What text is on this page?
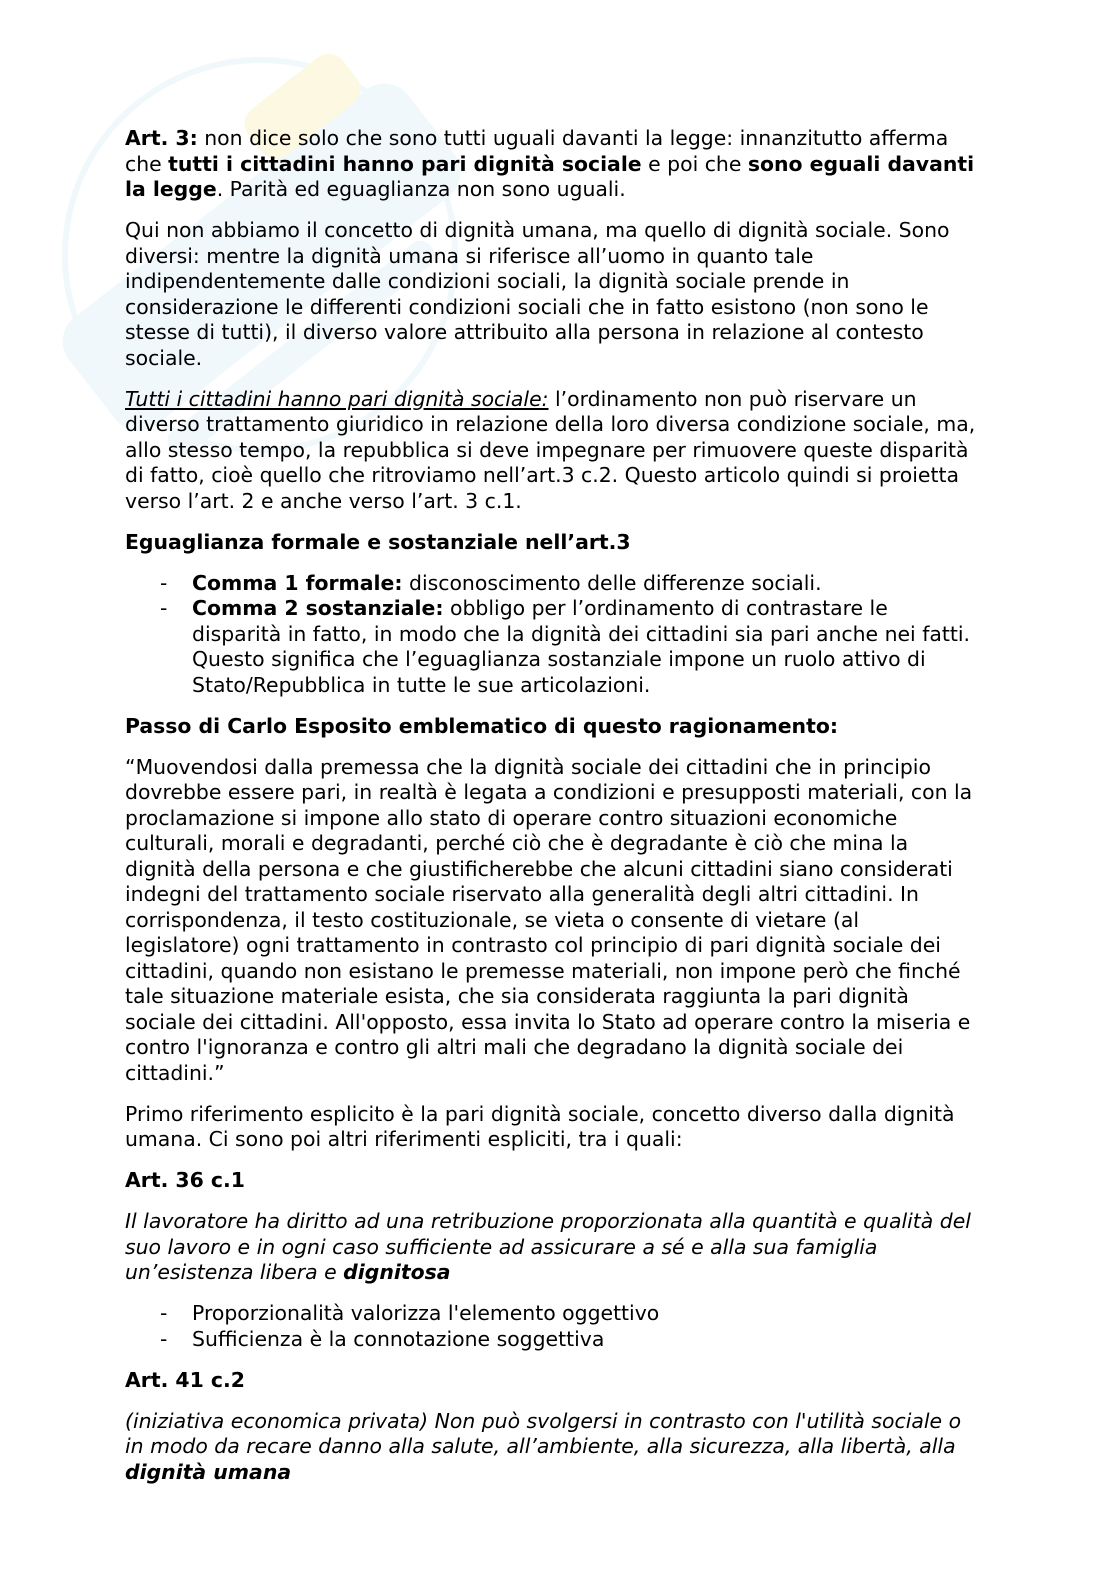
Art. 3: non dice solo che sono tutti uguali davanti la legge: innanzitutto afferma
che tutti i cittadini hanno pari dignità sociale e poi che sono eguali davanti
la legge. Parità ed eguaglianza non sono uguali.
Qui non abbiamo il concetto di dignità umana, ma quello di dignità sociale. Sono
diversi: mentre la dignità umana si riferisce all’uomo in quanto tale
indipendentemente dalle condizioni sociali, la dignità sociale prende in
considerazione le differenti condizioni sociali che in fatto esistono (non sono le
stesse di tutti), il diverso valore attribuito alla persona in relazione al contesto
sociale.
Tutti i cittadini hanno pari dignità sociale: l’ordinamento non può riservare un
diverso trattamento giuridico in relazione della loro diversa condizione sociale, ma,
allo stesso tempo, la repubblica si deve impegnare per rimuovere queste disparità
di fatto, cioè quello che ritroviamo nell’art.3 c.2. Questo articolo quindi si proietta
verso l’art. 2 e anche verso l’art. 3 c.1.
Eguaglianza formale e sostanziale nell’art.3
- Comma 1 formale: disconoscimento delle differenze sociali.
- Comma 2 sostanziale: obbligo per l’ordinamento di contrastare le
disparità in fatto, in modo che la dignità dei cittadini sia pari anche nei fatti.
Questo significa che l’eguaglianza sostanziale impone un ruolo attivo di
Stato/Repubblica in tutte le sue articolazioni.
Passo di Carlo Esposito emblematico di questo ragionamento:
“Muovendosi dalla premessa che la dignità sociale dei cittadini che in principio
dovrebbe essere pari, in realtà è legata a condizioni e presupposti materiali, con la
proclamazione si impone allo stato di operare contro situazioni economiche
culturali, morali e degradanti, perché ciò che è degradante è ciò che mina la
dignità della persona e che giustificherebbe che alcuni cittadini siano considerati
indegni del trattamento sociale riservato alla generalità degli altri cittadini. In
corrispondenza, il testo costituzionale, se vieta o consente di vietare (al
legislatore) ogni trattamento in contrasto col principio di pari dignità sociale dei
cittadini, quando non esistano le premesse materiali, non impone però che finché
tale situazione materiale esista, che sia considerata raggiunta la pari dignità
sociale dei cittadini. All'opposto, essa invita lo Stato ad operare contro la miseria e
contro l'ignoranza e contro gli altri mali che degradano la dignità sociale dei
cittadini.”
Primo riferimento esplicito è la pari dignità sociale, concetto diverso dalla dignità
umana. Ci sono poi altri riferimenti espliciti, tra i quali:
Art. 36 c.1
Il lavoratore ha diritto ad una retribuzione proporzionata alla quantità e qualità del
suo lavoro e in ogni caso sufficiente ad assicurare a sé e alla sua famiglia
un’esistenza libera e dignitosa
- Proporzionalità valorizza l'elemento oggettivo
- Sufficienza è la connotazione soggettiva
Art. 41 c.2
(iniziativa economica privata) Non può svolgersi in contrasto con l'utilità sociale o
in modo da recare danno alla salute, all’ambiente, alla sicurezza, alla libertà, alla
dignità umana
